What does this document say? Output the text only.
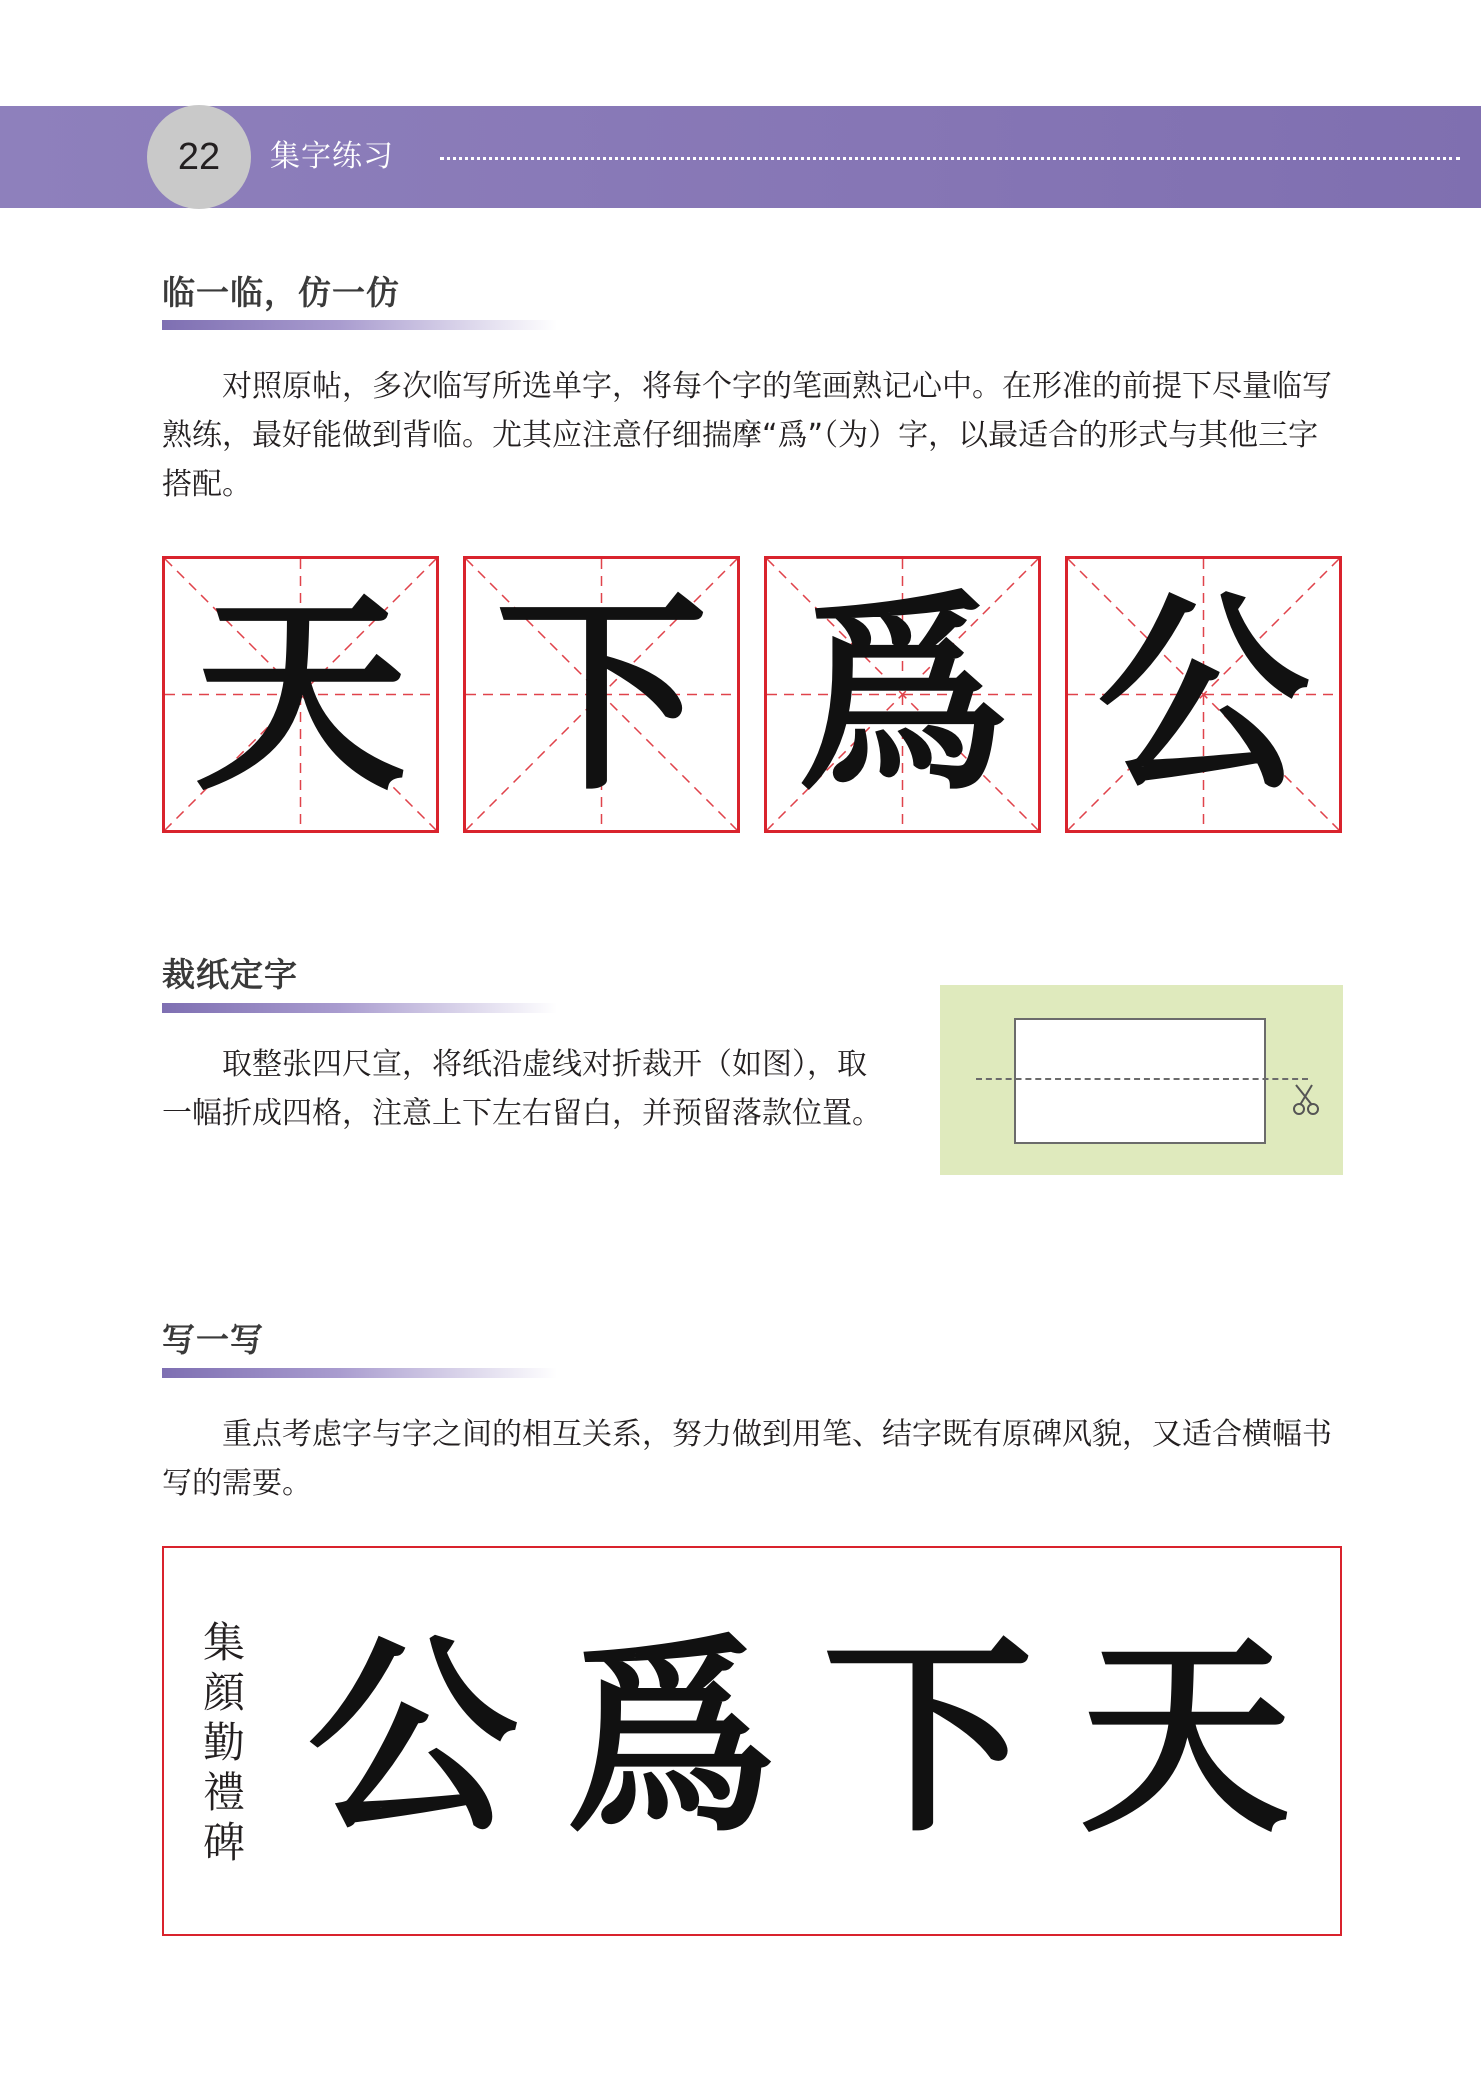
22	集字练习
临一临，仿一仿

对照原帖，多次临写所选单字，将每个字的笔画熟记心中。在形准的前提下尽量临写熟练，最好能做到背临。尤其应注意仔细揣摩“爲”（为）字，以最适合的形式与其他三字搭配。

天 下 爲 公
裁纸定字

取整张四尺宣，将纸沿虚线对折裁开（如图），取一幅折成四格，注意上下左右留白，并预留落款位置。

写一写

重点考虑字与字之间的相互关系，努力做到用笔、结字既有原碑风貌，又适合横幅书写的需要。

集
顔
勤
禮
碑 公 爲 下 天
